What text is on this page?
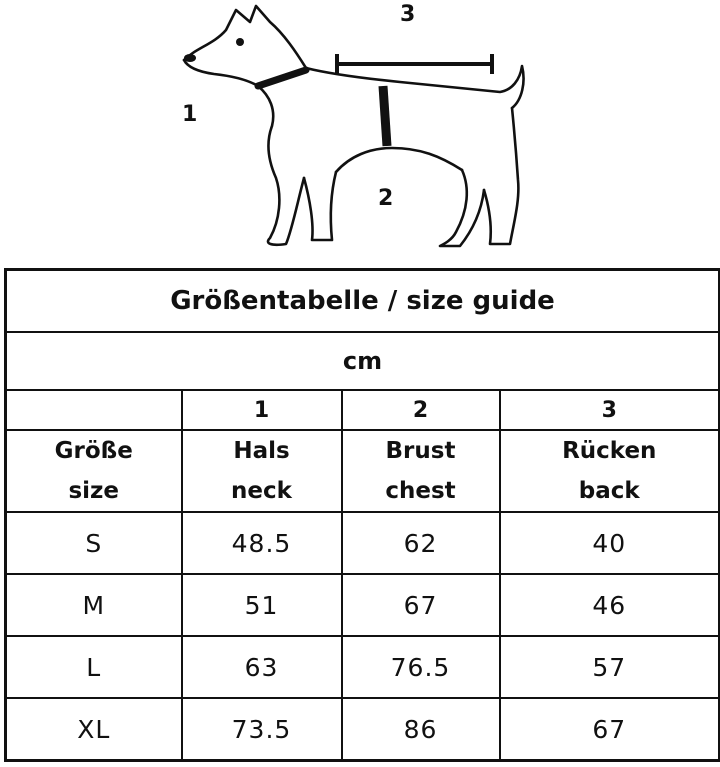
1
2
3
Größentabelle / size guide			
cm			
	1	2	3
Größe	Hals	Brust	Rücken
size	neck	chest	back
S	48.5	62	40
M	51	67	46
L	63	76.5	57
XL	73.5	86	67
